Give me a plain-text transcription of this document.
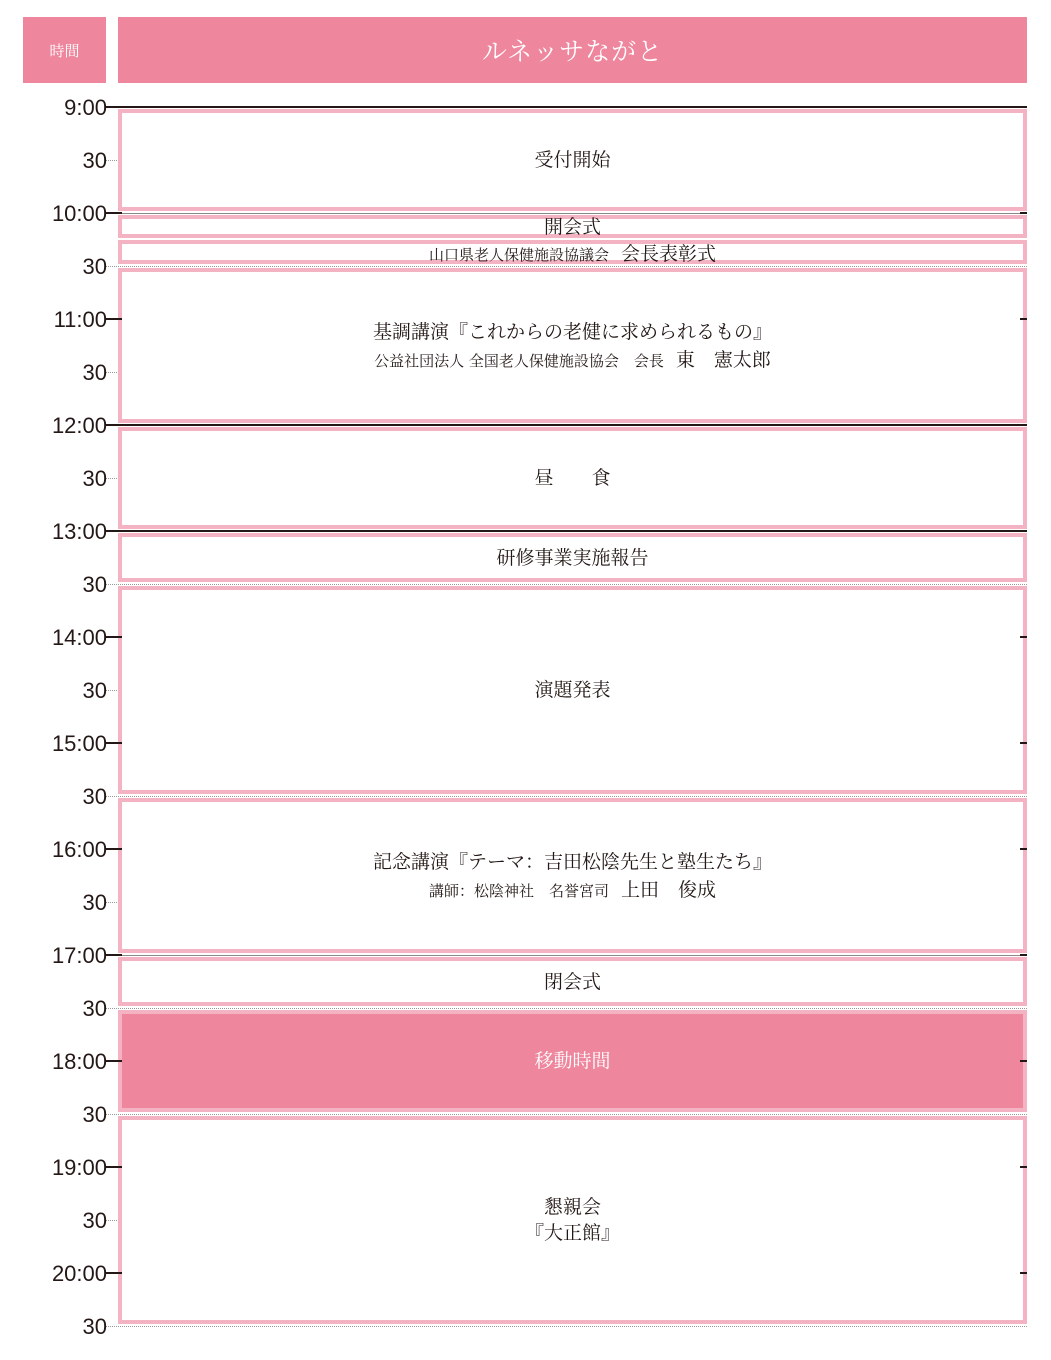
時間	ルネッサながと
9:00
30
10:00
30
11:00
30
12:00
30
13:00
30
14:00
30
15:00
30
16:00
30
17:00
30
18:00
30
19:00
30
20:00
30
受付開始
開会式
山口県老人保健施設協議会 会長表彰式
基調講演『これからの老健に求められるもの』
公益社団法人 全国老人保健施設協会　会長 東　憲太郎
昼　　食
研修事業実施報告
演題発表
記念講演『テーマ：吉田松陰先生と塾生たち』
講師：松陰神社　名誉宮司 上田　俊成
閉会式
移動時間
懇親会
『大正館』
